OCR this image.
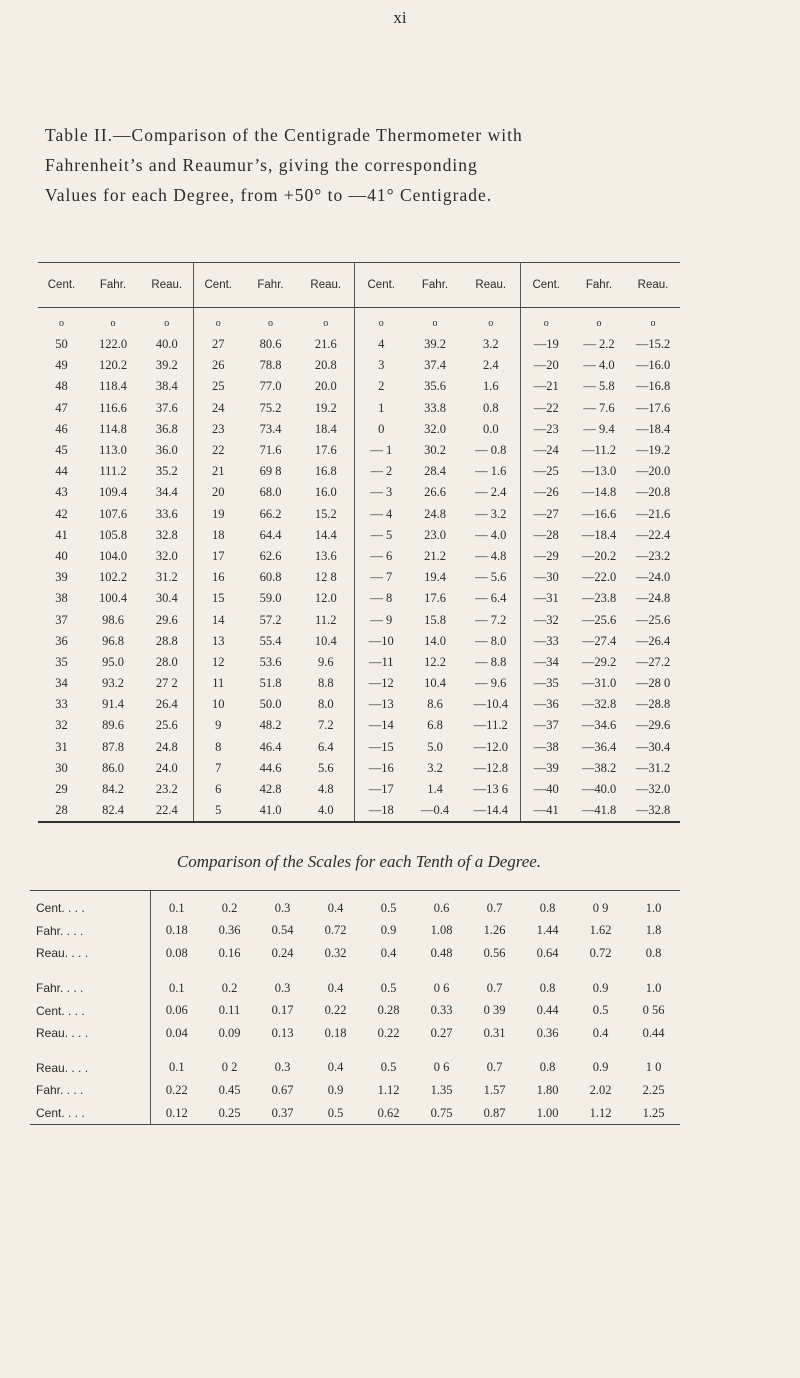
xi
Table II.—Comparison of the Centigrade Thermometer with
Fahrenheit’s and Reaumur’s, giving the corresponding
Values for each Degree, from +50° to —41° Centigrade.
Cent.	Fahr.	Reau.	Cent.	Fahr.	Reau.	Cent.	Fahr.	Reau.	Cent.	Fahr.	Reau.
o	o	o	o	o	o	o	o	o	o	o	o
50	122.0	40.0	27	80.6	21.6	4	39.2	3.2	—19	— 2.2	—15.2
49	120.2	39.2	26	78.8	20.8	3	37.4	2.4	—20	— 4.0	—16.0
48	118.4	38.4	25	77.0	20.0	2	35.6	1.6	—21	— 5.8	—16.8
47	116.6	37.6	24	75.2	19.2	1	33.8	0.8	—22	— 7.6	—17.6
46	114.8	36.8	23	73.4	18.4	0	32.0	0.0	—23	— 9.4	—18.4
45	113.0	36.0	22	71.6	17.6	— 1	30.2	— 0.8	—24	—11.2	—19.2
44	111.2	35.2	21	69 8	16.8	— 2	28.4	— 1.6	—25	—13.0	—20.0
43	109.4	34.4	20	68.0	16.0	— 3	26.6	— 2.4	—26	—14.8	—20.8
42	107.6	33.6	19	66.2	15.2	— 4	24.8	— 3.2	—27	—16.6	—21.6
41	105.8	32.8	18	64.4	14.4	— 5	23.0	— 4.0	—28	—18.4	—22.4
40	104.0	32.0	17	62.6	13.6	— 6	21.2	— 4.8	—29	—20.2	—23.2
39	102.2	31.2	16	60.8	12 8	— 7	19.4	— 5.6	—30	—22.0	—24.0
38	100.4	30.4	15	59.0	12.0	— 8	17.6	— 6.4	—31	—23.8	—24.8
37	98.6	29.6	14	57.2	11.2	— 9	15.8	— 7.2	—32	—25.6	—25.6
36	96.8	28.8	13	55.4	10.4	—10	14.0	— 8.0	—33	—27.4	—26.4
35	95.0	28.0	12	53.6	9.6	—11	12.2	— 8.8	—34	—29.2	—27.2
34	93.2	27 2	11	51.8	8.8	—12	10.4	— 9.6	—35	—31.0	—28 0
33	91.4	26.4	10	50.0	8.0	—13	8.6	—10.4	—36	—32.8	—28.8
32	89.6	25.6	9	48.2	7.2	—14	6.8	—11.2	—37	—34.6	—29.6
31	87.8	24.8	8	46.4	6.4	—15	5.0	—12.0	—38	—36.4	—30.4
30	86.0	24.0	7	44.6	5.6	—16	3.2	—12.8	—39	—38.2	—31.2
29	84.2	23.2	6	42.8	4.8	—17	1.4	—13 6	—40	—40.0	—32.0
28	82.4	22.4	5	41.0	4.0	—18	—0.4	—14.4	—41	—41.8	—32.8
Comparison of the Scales for each Tenth of a Degree.
Cent. . . .	0.1	0.2	0.3	0.4	0.5	0.6	0.7	0.8	0 9	1.0
Fahr. . . .	0.18	0.36	0.54	0.72	0.9	1.08	1.26	1.44	1.62	1.8
Reau. . . .	0.08	0.16	0.24	0.32	0.4	0.48	0.56	0.64	0.72	0.8

Fahr. . . .	0.1	0.2	0.3	0.4	0.5	0 6	0.7	0.8	0.9	1.0
Cent. . . .	0.06	0.11	0.17	0.22	0.28	0.33	0 39	0.44	0.5	0 56
Reau. . . .	0.04	0.09	0.13	0.18	0.22	0.27	0.31	0.36	0.4	0.44

Reau. . . .	0.1	0 2	0.3	0.4	0.5	0 6	0.7	0.8	0.9	1 0
Fahr. . . .	0.22	0.45	0.67	0.9	1.12	1.35	1.57	1.80	2.02	2.25
Cent. . . .	0.12	0.25	0.37	0.5	0.62	0.75	0.87	1.00	1.12	1.25
